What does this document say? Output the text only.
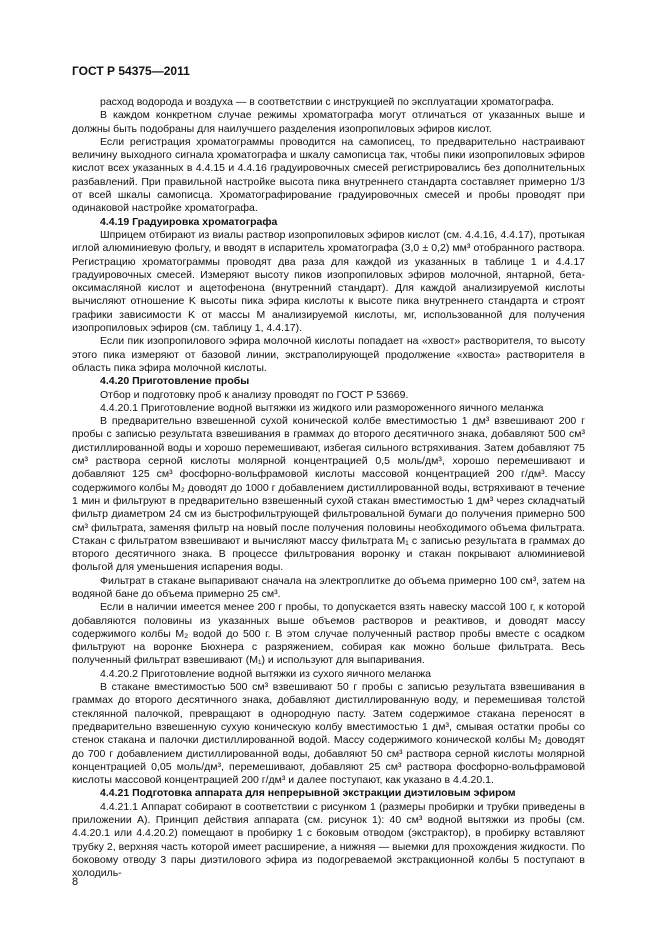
ГОСТ Р 54375—2011

расход водорода и воздуха — в соответствии с инструкцией по эксплуатации хроматографа.

В каждом конкретном случае режимы хроматографа могут отличаться от указанных выше и должны быть подобраны для наилучшего разделения изопропиловых эфиров кислот.

Если регистрация хроматограммы проводится на самописец, то предварительно настраивают величину выходного сигнала хроматографа и шкалу самописца так, чтобы пики изопропиловых эфиров кислот всех указанных в 4.4.15 и 4.4.16 градуировочных смесей регистрировались без дополнительных разбавлений. При правильной настройке высота пика внутреннего стандарта составляет примерно 1/3 от всей шкалы самописца. Хроматографирование градуировочных смесей и пробы проводят при одинаковой настройке хроматографа.

4.4.19 Градуировка хроматографа

Шприцем отбирают из виалы раствор изопропиловых эфиров кислот (см. 4.4.16, 4.4.17), протыкая иглой алюминиевую фольгу, и вводят в испаритель хроматографа (3,0 ± 0,2) мм³ отобранного раствора. Регистрацию хроматограммы проводят два раза для каждой из указанных в таблице 1 и 4.4.17 градуировочных смесей. Измеряют высоту пиков изопропиловых эфиров молочной, янтарной, бета-оксимасляной кислот и ацетофенона (внутренний стандарт). Для каждой анализируемой кислоты вычисляют отношение K высоты пика эфира кислоты к высоте пика внутреннего стандарта и строят графики зависимости K от массы M анализируемой кислоты, мг, использованной для получения изопропиловых эфиров (см. таблицу 1, 4.4.17).

Если пик изопропилового эфира молочной кислоты попадает на «хвост» растворителя, то высоту этого пика измеряют от базовой линии, экстраполирующей продолжение «хвоста» растворителя в область пика эфира молочной кислоты.

4.4.20 Приготовление пробы

Отбор и подготовку проб к анализу проводят по ГОСТ Р 53669.

4.4.20.1 Приготовление водной вытяжки из жидкого или размороженного яичного меланжа

В предварительно взвешенной сухой конической колбе вместимостью 1 дм³ взвешивают 200 г пробы с записью результата взвешивания в граммах до второго десятичного знака, добавляют 500 см³ дистиллированной воды и хорошо перемешивают, избегая сильного встряхивания. Затем добавляют 75 см³ раствора серной кислоты молярной концентрацией 0,5 моль/дм³, хорошо перемешивают и добавляют 125 см³ фосфорно-вольфрамовой кислоты массовой концентрацией 200 г/дм³. Массу содержимого колбы M₂ доводят до 1000 г добавлением дистиллированной воды, встряхивают в течение 1 мин и фильтруют в предварительно взвешенный сухой стакан вместимостью 1 дм³ через складчатый фильтр диаметром 24 см из быстрофильтрующей фильтровальной бумаги до получения примерно 500 см³ фильтрата, заменяя фильтр на новый после получения половины необходимого объема фильтрата. Стакан с фильтратом взвешивают и вычисляют массу фильтрата M₁ с записью результата в граммах до второго десятичного знака. В процессе фильтрования воронку и стакан покрывают алюминиевой фольгой для уменьшения испарения воды.

Фильтрат в стакане выпаривают сначала на электроплитке до объема примерно 100 см³, затем на водяной бане до объема примерно 25 см³.

Если в наличии имеется менее 200 г пробы, то допускается взять навеску массой 100 г, к которой добавляются половины из указанных выше объемов растворов и реактивов, и доводят массу содержимого колбы M₂ водой до 500 г. В этом случае полученный раствор пробы вместе с осадком фильтруют на воронке Бюхнера с разряжением, собирая как можно больше фильтрата. Весь полученный фильтрат взвешивают (M₁) и используют для выпаривания.

4.4.20.2 Приготовление водной вытяжки из сухого яичного меланжа

В стакане вместимостью 500 см³ взвешивают 50 г пробы с записью результата взвешивания в граммах до второго десятичного знака, добавляют дистиллированную воду, и перемешивая толстой стеклянной палочкой, превращают в однородную пасту. Затем содержимое стакана переносят в предварительно взвешенную сухую коническую колбу вместимостью 1 дм³, смывая остатки пробы со стенок стакана и палочки дистиллированной водой. Массу содержимого конической колбы M₂ доводят до 700 г добавлением дистиллированной воды, добавляют 50 см³ раствора серной кислоты молярной концентрацией 0,05 моль/дм³, перемешивают, добавляют 25 см³ раствора фосфорно-вольфрамовой кислоты массовой концентрацией 200 г/дм³ и далее поступают, как указано в 4.4.20.1.

4.4.21 Подготовка аппарата для непрерывной экстракции диэтиловым эфиром

4.4.21.1 Аппарат собирают в соответствии с рисунком 1 (размеры пробирки и трубки приведены в приложении А). Принцип действия аппарата (см. рисунок 1): 40 см³ водной вытяжки из пробы (см. 4.4.20.1 или 4.4.20.2) помещают в пробирку 1 с боковым отводом (экстрактор), в пробирку вставляют трубку 2, верхняя часть которой имеет расширение, а нижняя — выемки для прохождения жидкости. По боковому отводу 3 пары диэтилового эфира из подогреваемой экстракционной колбы 5 поступают в холодиль-

8
